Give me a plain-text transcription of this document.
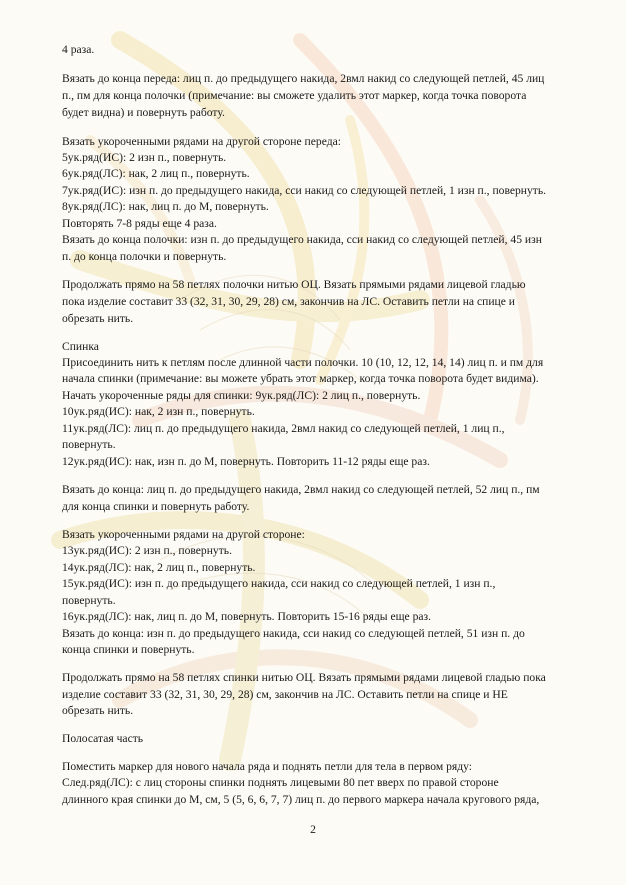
4 раза.
Вязать до конца переда: лиц п. до предыдущего накида, 2вмл накид со следующей петлей, 45 лиц
п., пм для конца полочки (примечание: вы сможете удалить этот маркер, когда точка поворота
будет видна) и повернуть работу.
Вязать укороченными рядами на другой стороне переда:
5ук.ряд(ИС): 2 изн п., повернуть.
6ук.ряд(ЛС): нак, 2 лиц п., повернуть.
7ук.ряд(ИС): изн п. до предыдущего накида, сси накид со следующей петлей, 1 изн п., повернуть.
8ук.ряд(ЛС): нак, лиц п. до М, повернуть.
Повторять 7-8 ряды еще 4 раза.
Вязать до конца полочки: изн п. до предыдущего накида, сси накид со следующей петлей, 45 изн
п. до конца полочки и повернуть.
Продолжать прямо на 58 петлях полочки нитью ОЦ. Вязать прямыми рядами лицевой гладью
пока изделие составит 33 (32, 31, 30, 29, 28) см, закончив на ЛС. Оставить петли на спице и
обрезать нить.
Спинка
Присоединить нить к петлям после длинной части полочки. 10 (10, 12, 12, 14, 14) лиц п. и пм для
начала спинки (примечание: вы можете убрать этот маркер, когда точка поворота будет видима).
Начать укороченные ряды для спинки: 9ук.ряд(ЛС): 2 лиц п., повернуть.
10ук.ряд(ИС): нак, 2 изн п., повернуть.
11ук.ряд(ЛС): лиц п. до предыдущего накида, 2вмл накид со следующей петлей, 1 лиц п.,
повернуть.
12ук.ряд(ИС): нак, изн п. до М, повернуть. Повторить 11-12 ряды еще раз.
Вязать до конца: лиц п. до предыдущего накида, 2вмл накид со следующей петлей, 52 лиц п., пм
для конца спинки и повернуть работу.
Вязать укороченными рядами на другой стороне:
13ук.ряд(ИС): 2 изн п., повернуть.
14ук.ряд(ЛС): нак, 2 лиц п., повернуть.
15ук.ряд(ИС): изн п. до предыдущего накида, сси накид со следующей петлей, 1 изн п.,
повернуть.
16ук.ряд(ЛС): нак, лиц п. до М, повернуть. Повторить 15-16 ряды еще раз.
Вязать до конца: изн п. до предыдущего накида, сси накид со следующей петлей, 51 изн п. до
конца спинки и повернуть.
Продолжать прямо на 58 петлях спинки нитью ОЦ. Вязать прямыми рядами лицевой гладью пока
изделие составит 33 (32, 31, 30, 29, 28) см, закончив на ЛС. Оставить петли на спице и НЕ
обрезать нить.
Полосатая часть
Поместить маркер для нового начала ряда и поднять петли для тела в первом ряду:
След.ряд(ЛС): с лиц стороны спинки поднять лицевыми 80 пет вверх по правой стороне
длинного края спинки до М, см, 5 (5, 6, 6, 7, 7) лиц п. до первого маркера начала кругового ряда,
2
